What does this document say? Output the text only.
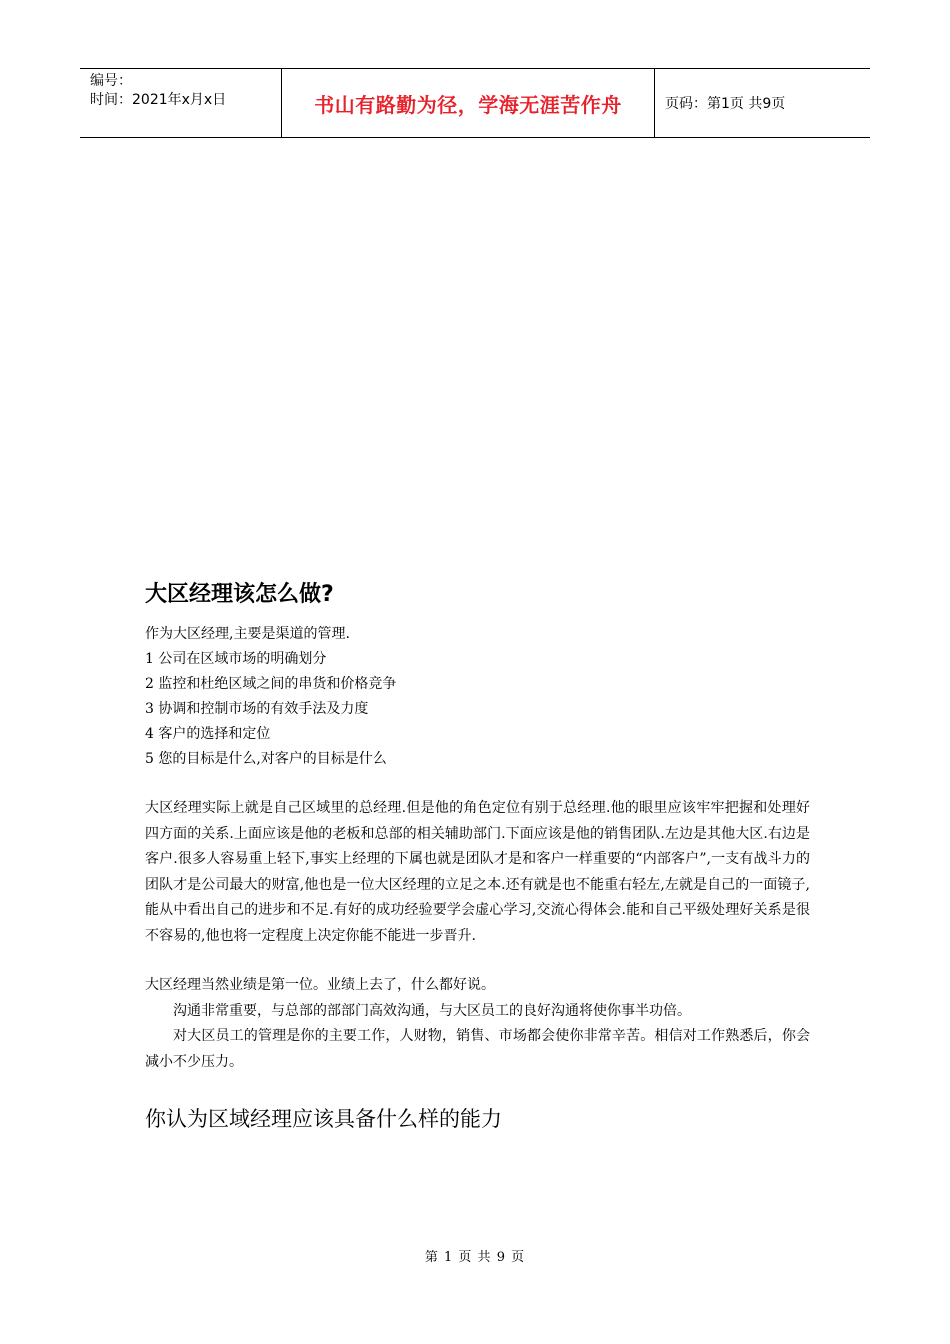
编号：
时间：2021年x月x日	书山有路勤为径，学海无涯苦作舟	页码：第1页 共9页
大区经理该怎么做?

作为大区经理,主要是渠道的管理.

1 公司在区域市场的明确划分

2 监控和杜绝区域之间的串货和价格竞争

3 协调和控制市场的有效手法及力度

4 客户的选择和定位

5 您的目标是什么,对客户的目标是什么

大区经理实际上就是自己区域里的总经理.但是他的角色定位有别于总经理.他的眼里应该牢牢把握和处理好四方面的关系.上面应该是他的老板和总部的相关辅助部门.下面应该是他的销售团队.左边是其他大区.右边是客户.很多人容易重上轻下,事实上经理的下属也就是团队才是和客户一样重要的“内部客户”,一支有战斗力的团队才是公司最大的财富,他也是一位大区经理的立足之本.还有就是也不能重右轻左,左就是自己的一面镜子,能从中看出自己的进步和不足.有好的成功经验要学会虚心学习,交流心得体会.能和自己平级处理好关系是很不容易的,他也将一定程度上决定你能不能进一步晋升.

大区经理当然业绩是第一位。业绩上去了，什么都好说。

沟通非常重要，与总部的部部门高效沟通，与大区员工的良好沟通将使你事半功倍。

对大区员工的管理是你的主要工作，人财物，销售、市场都会使你非常辛苦。相信对工作熟悉后，你会减小不少压力。

你认为区域经理应该具备什么样的能力
第 1 页 共 9 页
